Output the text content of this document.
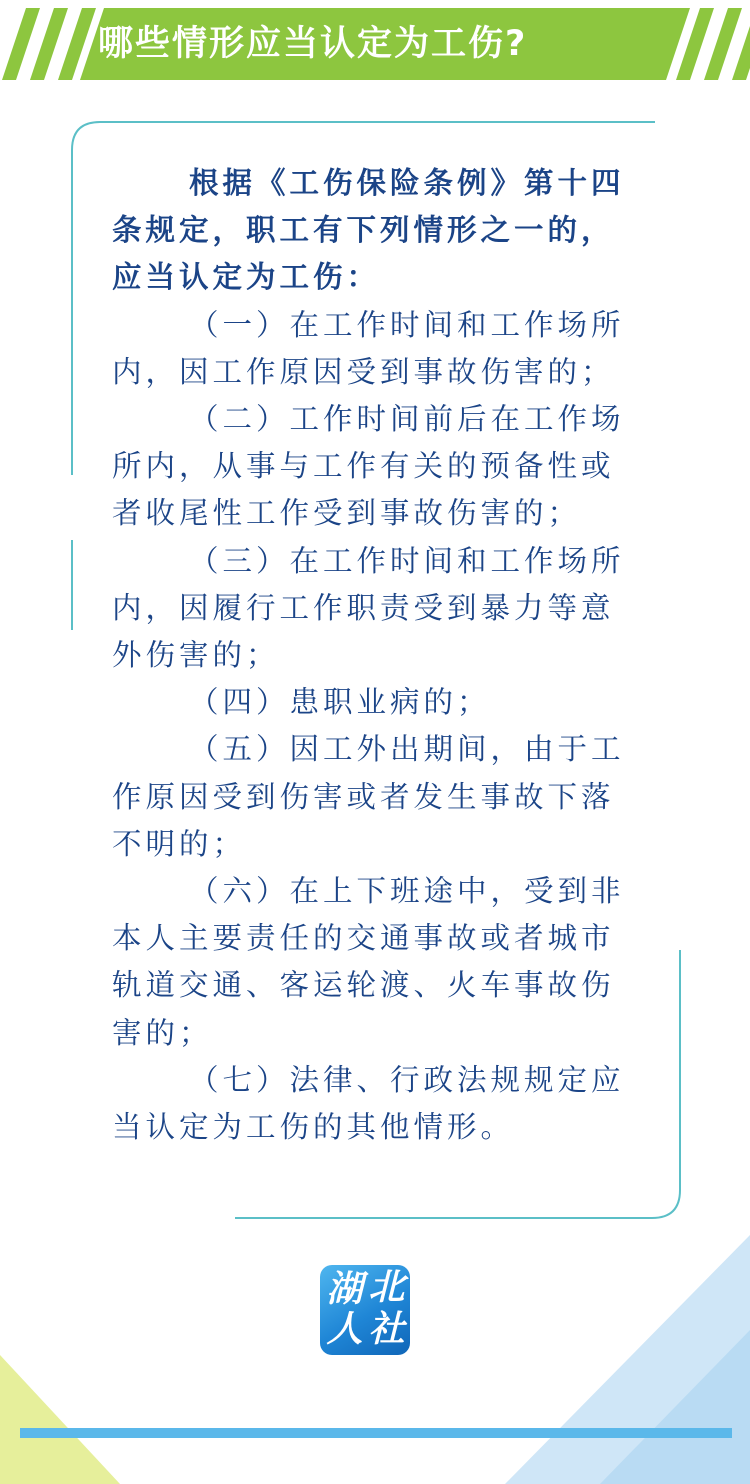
哪些情形应当认定为工伤?

根据《工伤保险条例》第十四条规定，职工有下列情形之一的，应当认定为工伤：

（一）在工作时间和工作场所内，因工作原因受到事故伤害的；

（二）工作时间前后在工作场所内，从事与工作有关的预备性或者收尾性工作受到事故伤害的；

（三）在工作时间和工作场所内，因履行工作职责受到暴力等意外伤害的；

（四）患职业病的；

（五）因工外出期间，由于工作原因受到伤害或者发生事故下落不明的；

（六）在上下班途中，受到非本人主要责任的交通事故或者城市轨道交通、客运轮渡、火车事故伤害的；

（七）法律、行政法规规定应当认定为工伤的其他情形。

湖 北
人 社
